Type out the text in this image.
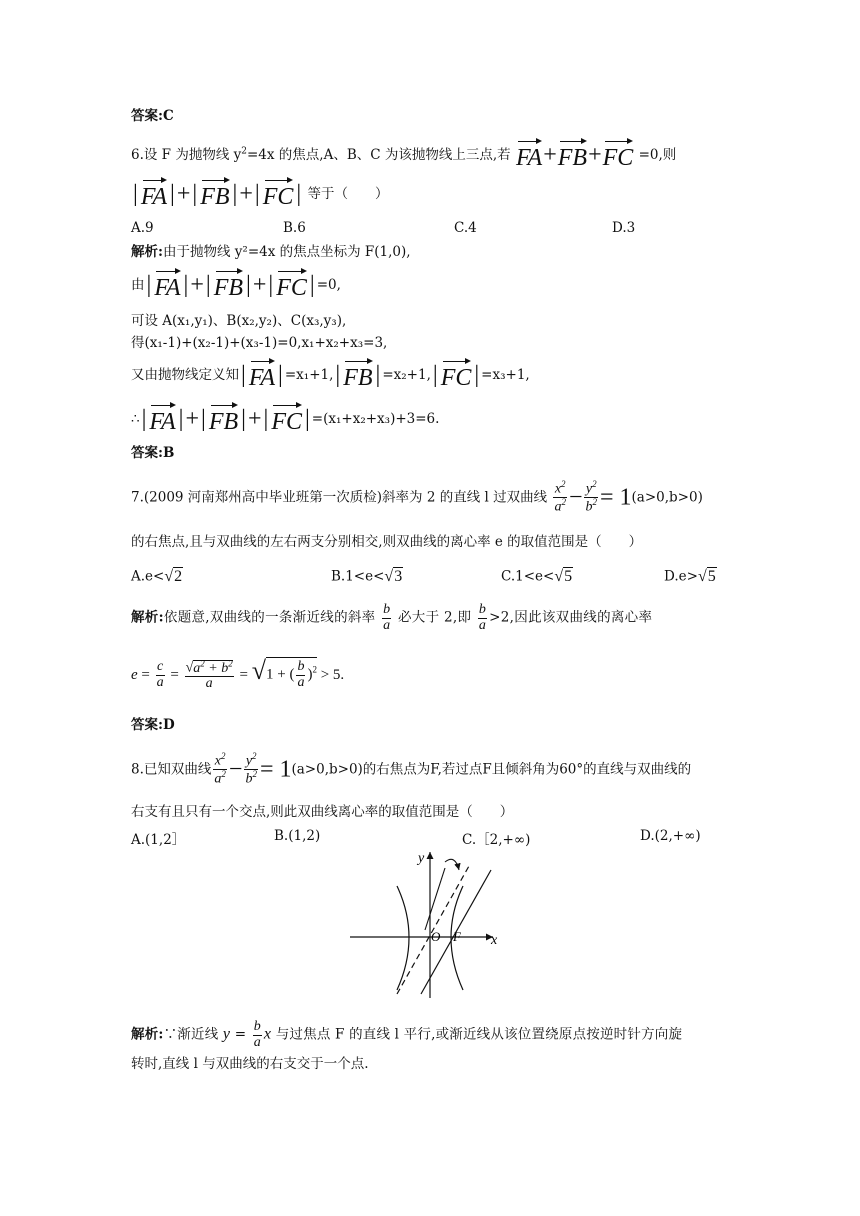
答案:C
6.设 F 为抛物线 $y^2=4x$ 的焦点,A、B、C 为该抛物线上三点,若 FA+FB+FC =0,则
| FA |+| FB |+| FC | 等于（　　）
A.9	B.6	C.4	D.3
解析:由于抛物线 y²=4x 的焦点坐标为 F(1,0),
由| FA |+| FB |+| FC | =0,
可设 A(x₁,y₁)、B(x₂,y₂)、C(x₃,y₃),
得(x₁-1)+(x₂-1)+(x₃-1)=0,x₁+x₂+x₃=3,
又由抛物线定义知| FA | =x₁+1,| FB | =x₂+1,| FC | =x₃+1,
∴| FA |+| FB |+| FC | =(x₁+x₂+x₃)+3=6.
答案:B
7.(2009 河南郑州高中毕业班第一次质检)斜率为 2 的直线 l 过双曲线 $\frac{x^2}{a^2} - \frac{y^2}{b^2} = 1(a>0,b>0)$
的右焦点,且与双曲线的左右两支分别相交,则双曲线的离心率 e 的取值范围是（　　）
A.e<√2	B.1<e<√3	C.1<e<√5	D.e>√5
解析:依题意,双曲线的一条渐近线的斜率 $\frac{b}{a}$ 必大于 2,即 $\frac{b}{a} >2$,因此该双曲线的离心率
$e = \frac{c}{a} = \frac{√a^2 + b^2}{a} = √1$ + ( $\frac{b}{a} )^2 > 5$.
答案:D
8.已知双曲线 $\frac{x^2}{a^2} - \frac{y^2}{b^2} = 1(a>0,b>0)$的右焦点为F,若过点F且倾斜角为60°的直线与双曲线的
右支有且只有一个交点,则此双曲线离心率的取值范围是（　　）
A.(1,2］	B.(1,2)	C.［2,+∞)	D.(2,+∞)
y
x
O F
解析:∵渐近线 $y = \frac{b}{a}$ x 与过焦点 F 的直线 l 平行,或渐近线从该位置绕原点按逆时针方向旋
转时,直线 l 与双曲线的右支交于一个点.
